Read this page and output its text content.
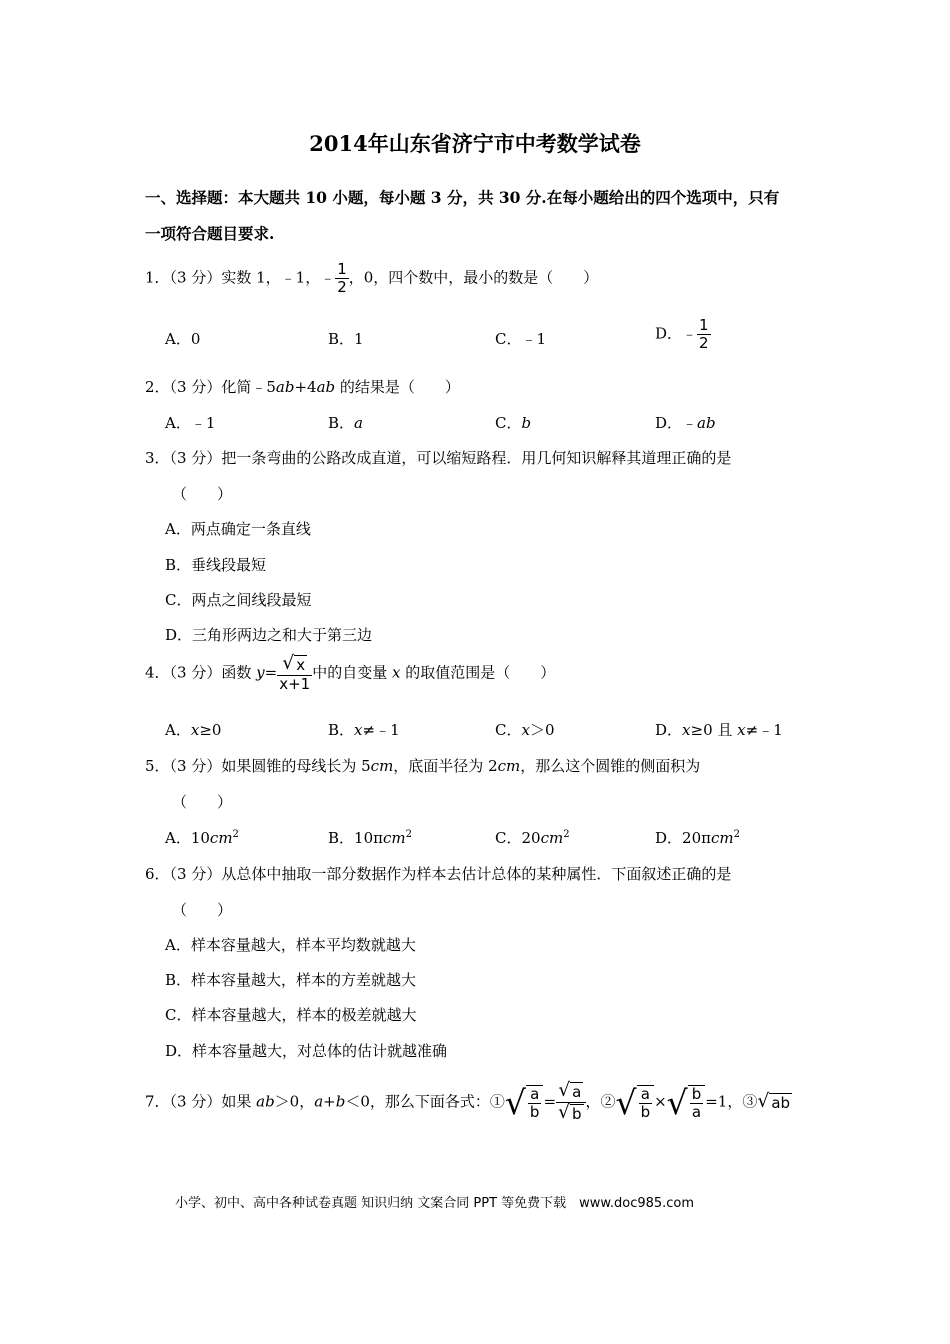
2014年山东省济宁市中考数学试卷
一、选择题：本大题共 10 小题，每小题 3 分，共 30 分.在每小题给出的四个选项中，只有
一项符合题目要求.
1．（3 分）实数 1，﹣1，﹣ $\frac{1}{2}$ ，0，四个数中，最小的数是（　　）
A．0	B．1	C．﹣1	D．﹣ $\frac{1}{2}$
2．（3 分）化简﹣5ab+4ab 的结果是（　　）
A．﹣1	B．a	C．b	D．﹣ab
3．（3 分）把一条弯曲的公路改成直道，可以缩短路程．用几何知识解释其道理正确的是
（　　）
A．两点确定一条直线
B．垂线段最短
C．两点之间线段最短
D．三角形两边之和大于第三边
4．（3 分）函数 $y= \frac{√ x}{x+1}$ 中的自变量 x 的取值范围是（　　）
A．x≥0	B．x≠﹣1	C．x＞0	D．x≥0 且 x≠﹣1
5．（3 分）如果圆锥的母线长为 5cm，底面半径为 2cm，那么这个圆锥的侧面积为
（　　）
A．$10cm^2$	B．10πcm$^2$	C．$20cm^2$	D．20πcm$^2$
6．（3 分）从总体中抽取一部分数据作为样本去估计总体的某种属性．下面叙述正确的是
（　　）
A．样本容量越大，样本平均数就越大
B．样本容量越大，样本的方差就越大
C．样本容量越大，样本的极差就越大
D．样本容量越大，对总体的估计就越准确
7．（3 分）如果 ab＞0，a+b＜0，那么下面各式：①√ $\frac{a}{b} = \frac{√ a}{√ b}$ ，②√ $\frac{a}{b}$ ×√ $\frac{b}{a} =1$，③√ ab
小学、初中、高中各种试卷真题 知识归纳 文案合同 PPT 等免费下载　www.doc985.com
